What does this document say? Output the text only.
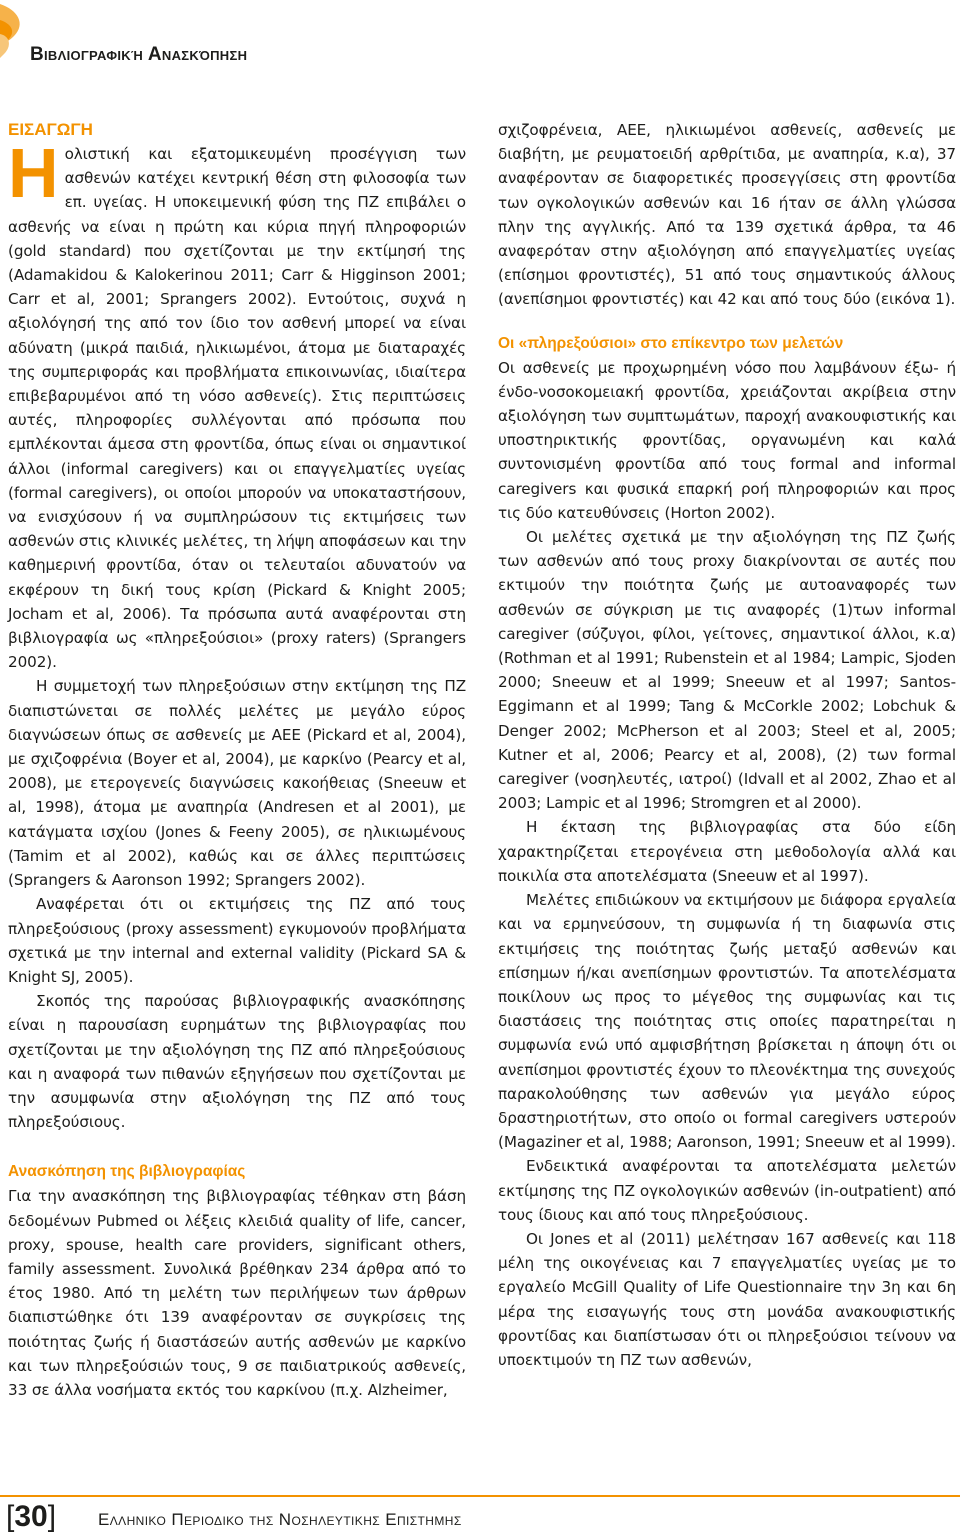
Βιβλιογραφική Ανασκόπηση
ΕΙΣΑΓΩΓΗ
Η ολιστική και εξατομικευμένη προσέγγιση των ασθενών κατέχει κεντρική θέση στη φιλοσοφία των επ. υγείας. Η υποκειμενική φύση της ΠΖ επιβάλει ο ασθενής να είναι η πρώτη και κύρια πηγή πληροφοριών (gold standard) που σχετίζονται με την εκτίμησή της (Adamakidou & Kalokerinou 2011; Carr & Higginson 2001; Carr et al, 2001; Sprangers 2002). Εντούτοις, συχνά η αξιολόγησή της από τον ίδιο τον ασθενή μπορεί να είναι αδύνατη (μικρά παιδιά, ηλικιωμένοι, άτομα με διαταραχές της συμπεριφοράς και προβλήματα επικοινωνίας, ιδιαίτερα επιβεβαρυμένοι από τη νόσο ασθενείς). Στις περιπτώσεις αυτές, πληροφορίες συλλέγονται από πρόσωπα που εμπλέκονται άμεσα στη φροντίδα, όπως είναι οι σημαντικοί άλλοι (informal caregivers) και οι επαγγελματίες υγείας (formal caregivers), οι οποίοι μπορούν να υποκαταστήσουν, να ενισχύσουν ή να συμπληρώσουν τις εκτιμήσεις των ασθενών στις κλινικές μελέτες, τη λήψη αποφάσεων και την καθημερινή φροντίδα, όταν οι τελευταίοι αδυνατούν να εκφέρουν τη δική τους κρίση (Pickard & Knight 2005; Jocham et al, 2006). Τα πρόσωπα αυτά αναφέρονται στη βιβλιογραφία ως «πληρεξούσιοι» (proxy raters) (Sprangers 2002).

Η συμμετοχή των πληρεξούσιων στην εκτίμηση της ΠΖ διαπιστώνεται σε πολλές μελέτες με μεγάλο εύρος διαγνώσεων όπως σε ασθενείς με ΑΕΕ (Pickard et al, 2004), με σχιζοφρένια (Boyer et al, 2004), με καρκίνο (Pearcy et al, 2008), με ετερογενείς διαγνώσεις κακοήθειας (Sneeuw et al, 1998), άτομα με αναπηρία (Andresen et al 2001), με κατάγματα ισχίου (Jones & Feeny 2005), σε ηλικιωμένους (Tamim et al 2002), καθώς και σε άλλες περιπτώσεις (Sprangers & Aaronson 1992; Sprangers 2002).

Αναφέρεται ότι οι εκτιμήσεις της ΠΖ από τους πληρεξούσιους (proxy assessment) εγκυμονούν προβλήματα σχετικά με την internal and external validity (Pickard SA & Knight SJ, 2005).

Σκοπός της παρούσας βιβλιογραφικής ανασκόπησης είναι η παρουσίαση ευρημάτων της βιβλιογραφίας που σχετίζονται με την αξιολόγηση της ΠΖ από πληρεξούσιους και η αναφορά των πιθανών εξηγήσεων που σχετίζονται με την ασυμφωνία στην αξιολόγηση της ΠΖ από τους πληρεξούσιους.

Ανασκόπηση της βιβλιογραφίας

Για την ανασκόπηση της βιβλιογραφίας τέθηκαν στη βάση δεδομένων Pubmed οι λέξεις κλειδιά quality of life, cancer, proxy, spouse, health care providers, significant others, family assessment. Συνολικά βρέθηκαν 234 άρθρα από το έτος 1980. Από τη μελέτη των περιλήψεων των άρθρων διαπιστώθηκε ότι 139 αναφέρονταν σε συγκρίσεις της ποιότητας ζωής ή διαστάσεών αυτής ασθενών με καρκίνο και των πληρεξούσιών τους, 9 σε παιδιατρικούς ασθενείς, 33 σε άλλα νοσήματα εκτός του καρκίνου (π.χ. Alzheimer,

σχιζοφρένεια, ΑΕΕ, ηλικιωμένοι ασθενείς, ασθενείς με διαβήτη, με ρευματοειδή αρθρίτιδα, με αναπηρία, κ.α), 37 αναφέρονταν σε διαφορετικές προσεγγίσεις στη φροντίδα των ογκολογικών ασθενών και 16 ήταν σε άλλη γλώσσα πλην της αγγλικής. Από τα 139 σχετικά άρθρα, τα 46 αναφερόταν στην αξιολόγηση από επαγγελματίες υγείας (επίσημοι φροντιστές), 51 από τους σημαντικούς άλλους (ανεπίσημοι φροντιστές) και 42 και από τους δύο (εικόνα 1).

Οι «πληρεξούσιοι» στο επίκεντρο των μελετών

Οι ασθενείς με προχωρημένη νόσο που λαμβάνουν έξω- ή ένδο-νοσοκομειακή φροντίδα, χρειάζονται ακρίβεια στην αξιολόγηση των συμπτωμάτων, παροχή ανακουφιστικής και υποστηρικτικής φροντίδας, οργανωμένη και καλά συντονισμένη φροντίδα από τους formal and informal caregivers και φυσικά επαρκή ροή πληροφοριών και προς τις δύο κατευθύνσεις (Horton 2002).

Οι μελέτες σχετικά με την αξιολόγηση της ΠΖ ζωής των ασθενών από τους proxy διακρίνονται σε αυτές που εκτιμούν την ποιότητα ζωής με αυτοαναφορές των ασθενών σε σύγκριση με τις αναφορές (1)των informal caregiver (σύζυγοι, φίλοι, γείτονες, σημαντικοί άλλοι, κ.α) (Rothman et al 1991; Rubenstein et al 1984; Lampic, Sjoden 2000; Sneeuw et al 1999; Sneeuw et al 1997; Santos-Eggimann et al 1999; Tang & McCorkle 2002; Lobchuk & Denger 2002; McPherson et al 2003; Steel et al, 2005; Kutner et al, 2006; Pearcy et al, 2008), (2) των formal caregiver (νοσηλευτές, ιατροί) (Idvall et al 2002, Zhao et al 2003; Lampic et al 1996; Stromgren et al 2000).

Η έκταση της βιβλιογραφίας στα δύο είδη χαρακτηρίζεται ετερογένεια στη μεθοδολογία αλλά και ποικιλία στα αποτελέσματα (Sneeuw et al 1997).

Μελέτες επιδιώκουν να εκτιμήσουν με διάφορα εργαλεία και να ερμηνεύσουν, τη συμφωνία ή τη διαφωνία στις εκτιμήσεις της ποιότητας ζωής μεταξύ ασθενών και επίσημων ή/και ανεπίσημων φροντιστών. Τα αποτελέσματα ποικίλουν ως προς το μέγεθος της συμφωνίας και τις διαστάσεις της ποιότητας στις οποίες παρατηρείται η συμφωνία ενώ υπό αμφισβήτηση βρίσκεται η άποψη ότι οι ανεπίσημοι φροντιστές έχουν το πλεονέκτημα της συνεχούς παρακολούθησης των ασθενών για μεγάλο εύρος δραστηριοτήτων, στο οποίο οι formal caregivers υστερούν (Magaziner et al, 1988; Aaronson, 1991; Sneeuw et al 1999).

Ενδεικτικά αναφέρονται τα αποτελέσματα μελετών εκτίμησης της ΠΖ ογκολογικών ασθενών (in-outpatient) από τους ίδιους και από τους πληρεξούσιους.

Οι Jones et al (2011) μελέτησαν 167 ασθενείς και 118 μέλη της οικογένειας και 7 επαγγελματίες υγείας με το εργαλείο McGill Quality of Life Questionnaire την 3η και 6η μέρα της εισαγωγής τους στη μονάδα ανακουφιστικής φροντίδας και διαπίστωσαν ότι οι πληρεξούσιοι τείνουν να υποεκτιμούν τη ΠΖ των ασθενών,

[30] Ελληνικο Περιοδικο της Νοσηλευτικης Επιστημης
